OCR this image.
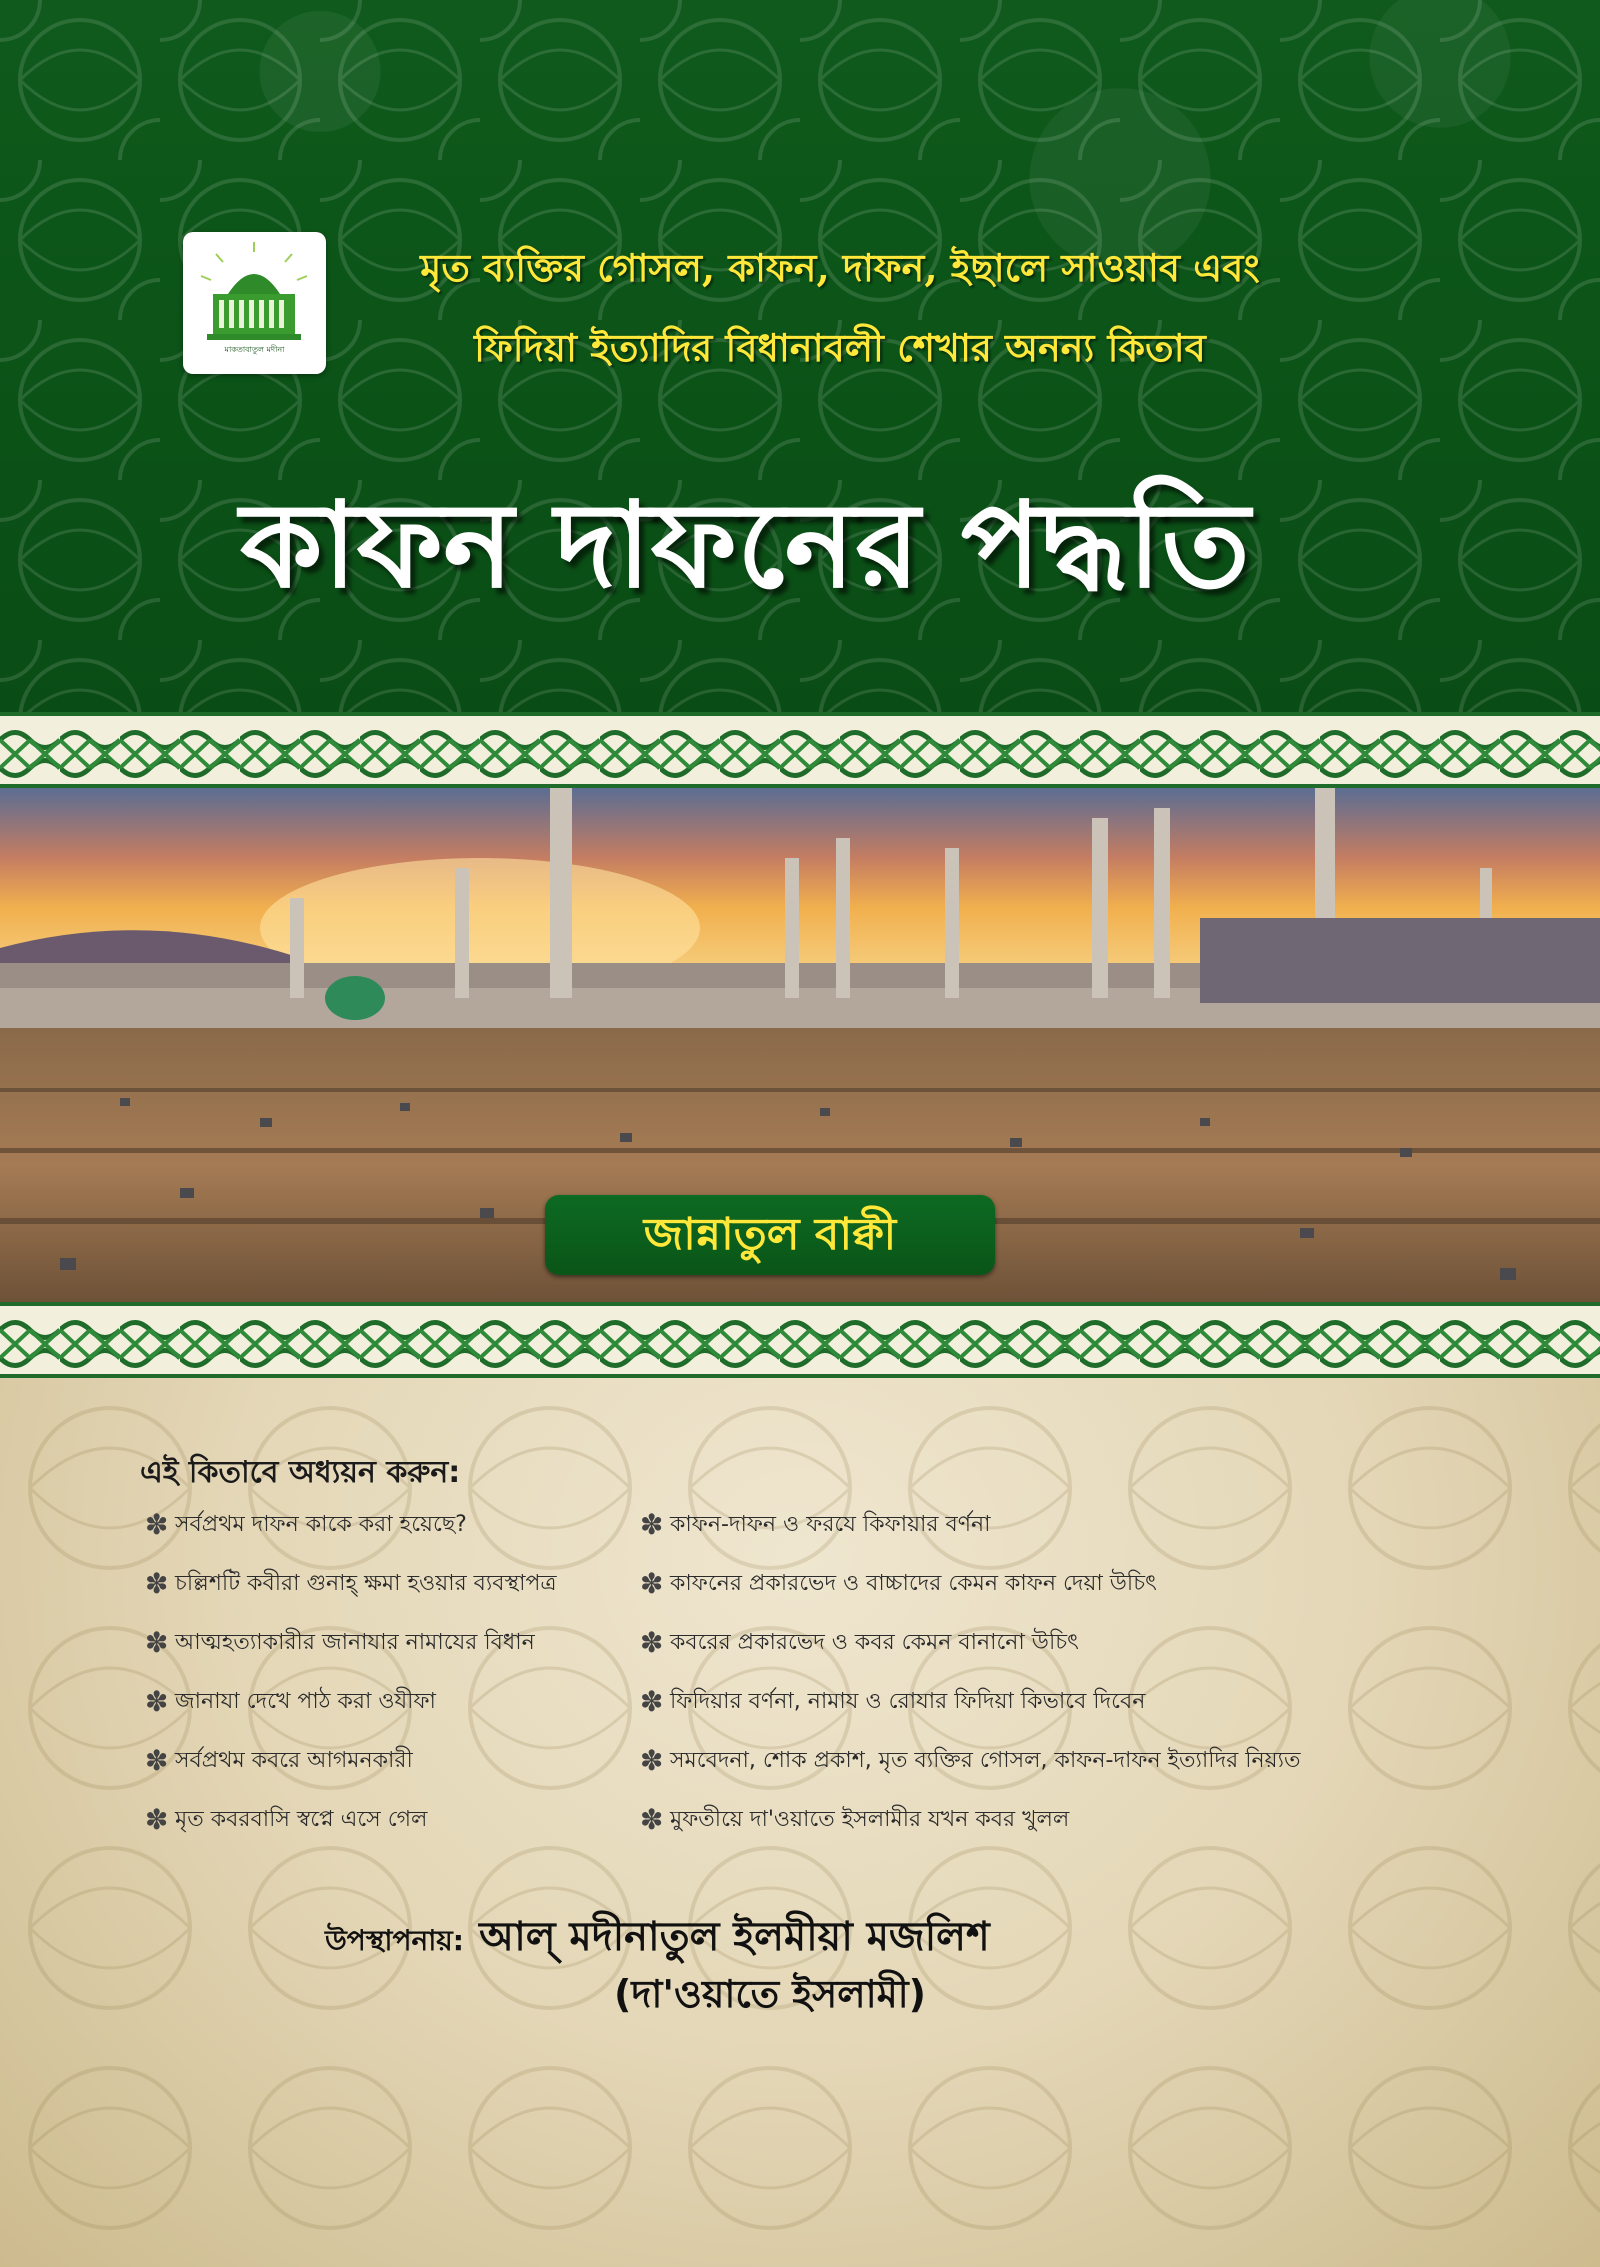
মাকতাবাতুল মদীনা
মৃত ব্যক্তির গোসল, কাফন, দাফন, ইছালে সাওয়াব এবং
ফিদিয়া ইত্যাদির বিধানাবলী শেখার অনন্য কিতাব
কাফন দাফনের পদ্ধতি
জান্নাতুল বাক্বী
এই কিতাবে অধ্যয়ন করুন:
✽ সর্বপ্রথম দাফন কাকে করা হয়েছে?
✽ চল্লিশটি কবীরা গুনাহ্ ক্ষমা হওয়ার ব্যবস্থাপত্র
✽ আত্মহত্যাকারীর জানাযার নামাযের বিধান
✽ জানাযা দেখে পাঠ করা ওযীফা
✽ সর্বপ্রথম কবরে আগমনকারী
✽ মৃত কবরবাসি স্বপ্নে এসে গেল
✽ কাফন-দাফন ও ফরযে কিফায়ার বর্ণনা
✽ কাফনের প্রকারভেদ ও বাচ্চাদের কেমন কাফন দেয়া উচিৎ
✽ কবরের প্রকারভেদ ও কবর কেমন বানানো উচিৎ
✽ ফিদিয়ার বর্ণনা, নামায ও রোযার ফিদিয়া কিভাবে দিবেন
✽ সমবেদনা, শোক প্রকাশ, মৃত ব্যক্তির গোসল, কাফন-দাফন ইত্যাদির নিয়্যত
✽ মুফতীয়ে দা'ওয়াতে ইসলামীর যখন কবর খুলল
উপস্থাপনায়: আল্ মদীনাতুল ইলমীয়া মজলিশ
(দা'ওয়াতে ইসলামী)
